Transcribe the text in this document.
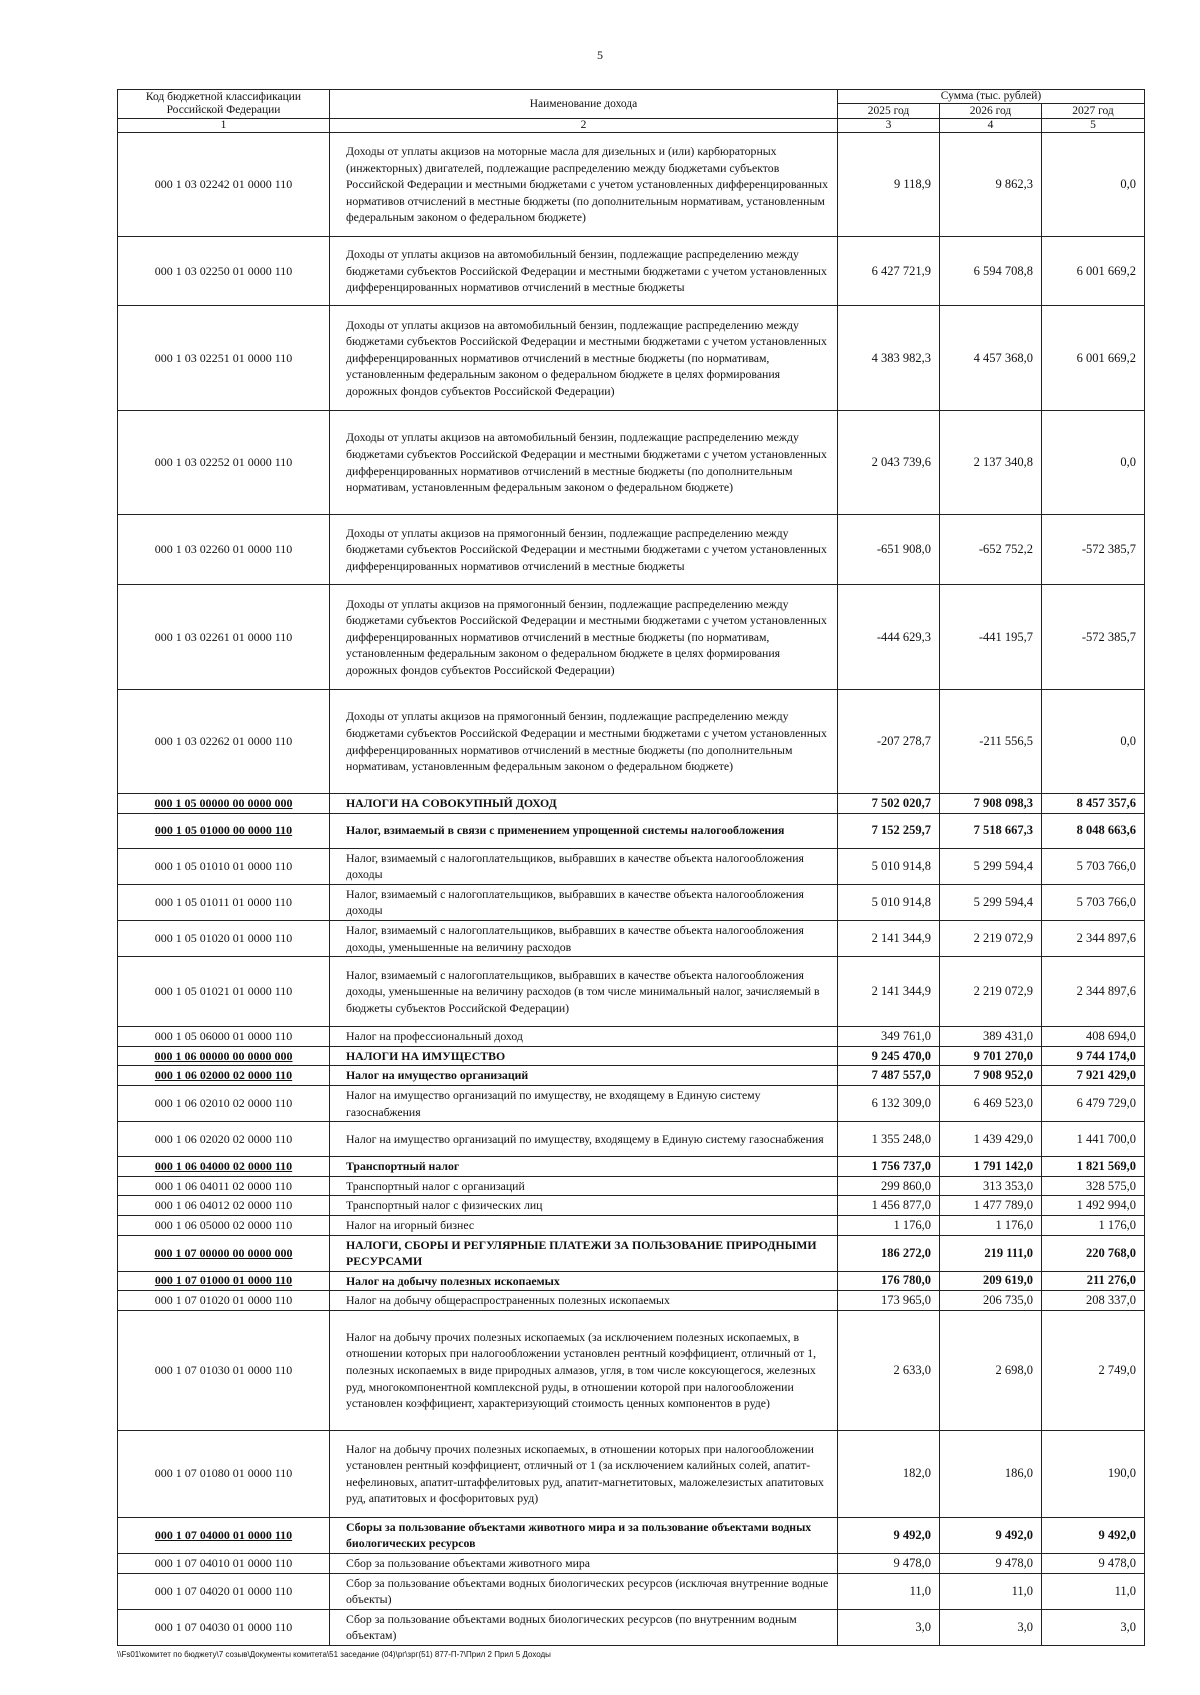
5
Код бюджетной классификации Российской Федерации	Наименование дохода	Сумма (тыс. рублей)		
		2025 год	2026 год	2027 год
1	2	3	4	5
000 1 03 02242 01 0000 110	Доходы от уплаты акцизов на моторные масла для дизельных и (или) карбюраторных (инжекторных) двигателей, подлежащие распределению между бюджетами субъектов Российской Федерации и местными бюджетами с учетом установленных дифференцированных нормативов отчислений в местные бюджеты (по дополнительным нормативам, установленным федеральным законом о федеральном бюджете)	9 118,9	9 862,3	0,0
000 1 03 02250 01 0000 110	Доходы от уплаты акцизов на автомобильный бензин, подлежащие распределению между бюджетами субъектов Российской Федерации и местными бюджетами с учетом установленных дифференцированных нормативов отчислений в местные бюджеты	6 427 721,9	6 594 708,8	6 001 669,2
000 1 03 02251 01 0000 110	Доходы от уплаты акцизов на автомобильный бензин, подлежащие распределению между бюджетами субъектов Российской Федерации и местными бюджетами с учетом установленных дифференцированных нормативов отчислений в местные бюджеты (по нормативам, установленным федеральным законом о федеральном бюджете в целях формирования дорожных фондов субъектов Российской Федерации)	4 383 982,3	4 457 368,0	6 001 669,2
000 1 03 02252 01 0000 110	Доходы от уплаты акцизов на автомобильный бензин, подлежащие распределению между бюджетами субъектов Российской Федерации и местными бюджетами с учетом установленных дифференцированных нормативов отчислений в местные бюджеты (по дополнительным нормативам, установленным федеральным законом о федеральном бюджете)	2 043 739,6	2 137 340,8	0,0
000 1 03 02260 01 0000 110	Доходы от уплаты акцизов на прямогонный бензин, подлежащие распределению между бюджетами субъектов Российской Федерации и местными бюджетами с учетом установленных дифференцированных нормативов отчислений в местные бюджеты	-651 908,0	-652 752,2	-572 385,7
000 1 03 02261 01 0000 110	Доходы от уплаты акцизов на прямогонный бензин, подлежащие распределению между бюджетами субъектов Российской Федерации и местными бюджетами с учетом установленных дифференцированных нормативов отчислений в местные бюджеты (по нормативам, установленным федеральным законом о федеральном бюджете в целях формирования дорожных фондов субъектов Российской Федерации)	-444 629,3	-441 195,7	-572 385,7
000 1 03 02262 01 0000 110	Доходы от уплаты акцизов на прямогонный бензин, подлежащие распределению между бюджетами субъектов Российской Федерации и местными бюджетами с учетом установленных дифференцированных нормативов отчислений в местные бюджеты (по дополнительным нормативам, установленным федеральным законом о федеральном бюджете)	-207 278,7	-211 556,5	0,0
000 1 05 00000 00 0000 000	НАЛОГИ НА СОВОКУПНЫЙ ДОХОД	7 502 020,7	7 908 098,3	8 457 357,6
000 1 05 01000 00 0000 110	Налог, взимаемый в связи с применением упрощенной системы налогообложения	7 152 259,7	7 518 667,3	8 048 663,6
000 1 05 01010 01 0000 110	Налог, взимаемый с налогоплательщиков, выбравших в качестве объекта налогообложения доходы	5 010 914,8	5 299 594,4	5 703 766,0
000 1 05 01011 01 0000 110	Налог, взимаемый с налогоплательщиков, выбравших в качестве объекта налогообложения доходы	5 010 914,8	5 299 594,4	5 703 766,0
000 1 05 01020 01 0000 110	Налог, взимаемый с налогоплательщиков, выбравших в качестве объекта налогообложения доходы, уменьшенные на величину расходов	2 141 344,9	2 219 072,9	2 344 897,6
000 1 05 01021 01 0000 110	Налог, взимаемый с налогоплательщиков, выбравших в качестве объекта налогообложения доходы, уменьшенные на величину расходов (в том числе минимальный налог, зачисляемый в бюджеты субъектов Российской Федерации)	2 141 344,9	2 219 072,9	2 344 897,6
000 1 05 06000 01 0000 110	Налог на профессиональный доход	349 761,0	389 431,0	408 694,0
000 1 06 00000 00 0000 000	НАЛОГИ НА ИМУЩЕСТВО	9 245 470,0	9 701 270,0	9 744 174,0
000 1 06 02000 02 0000 110	Налог на имущество организаций	7 487 557,0	7 908 952,0	7 921 429,0
000 1 06 02010 02 0000 110	Налог на имущество организаций по имуществу, не входящему в Единую систему газоснабжения	6 132 309,0	6 469 523,0	6 479 729,0
000 1 06 02020 02 0000 110	Налог на имущество организаций по имуществу, входящему в Единую систему газоснабжения	1 355 248,0	1 439 429,0	1 441 700,0
000 1 06 04000 02 0000 110	Транспортный налог	1 756 737,0	1 791 142,0	1 821 569,0
000 1 06 04011 02 0000 110	Транспортный налог с организаций	299 860,0	313 353,0	328 575,0
000 1 06 04012 02 0000 110	Транспортный налог с физических лиц	1 456 877,0	1 477 789,0	1 492 994,0
000 1 06 05000 02 0000 110	Налог на игорный бизнес	1 176,0	1 176,0	1 176,0
000 1 07 00000 00 0000 000	НАЛОГИ, СБОРЫ И РЕГУЛЯРНЫЕ ПЛАТЕЖИ ЗА ПОЛЬЗОВАНИЕ ПРИРОДНЫМИ РЕСУРСАМИ	186 272,0	219 111,0	220 768,0
000 1 07 01000 01 0000 110	Налог на добычу полезных ископаемых	176 780,0	209 619,0	211 276,0
000 1 07 01020 01 0000 110	Налог на добычу общераспространенных полезных ископаемых	173 965,0	206 735,0	208 337,0
000 1 07 01030 01 0000 110	Налог на добычу прочих полезных ископаемых (за исключением полезных ископаемых, в отношении которых при налогообложении установлен рентный коэффициент, отличный от 1, полезных ископаемых в виде природных алмазов, угля, в том числе коксующегося, железных руд, многокомпонентной комплексной руды, в отношении которой при налогообложении установлен коэффициент, характеризующий стоимость ценных компонентов в руде)	2 633,0	2 698,0	2 749,0
000 1 07 01080 01 0000 110	Налог на добычу прочих полезных ископаемых, в отношении которых при налогообложении установлен рентный коэффициент, отличный от 1 (за исключением калийных солей, апатит-нефелиновых, апатит-штаффелитовых руд, апатит-магнетитовых, маложелезистых апатитовых руд, апатитовых и фосфоритовых руд)	182,0	186,0	190,0
000 1 07 04000 01 0000 110	Сборы за пользование объектами животного мира и за пользование объектами водных биологических ресурсов	9 492,0	9 492,0	9 492,0
000 1 07 04010 01 0000 110	Сбор за пользование объектами животного мира	9 478,0	9 478,0	9 478,0
000 1 07 04020 01 0000 110	Сбор за пользование объектами водных биологических ресурсов (исключая внутренние водные объекты)	11,0	11,0	11,0
000 1 07 04030 01 0000 110	Сбор за пользование объектами водных биологических ресурсов (по внутренним водным объектам)	3,0	3,0	3,0
\\Fs01\комитет по бюджету\7 созыв\Документы комитета\51 заседание (04)\рг\зрг(51) 877-П-7\Прил 2 Прил 5 Доходы
